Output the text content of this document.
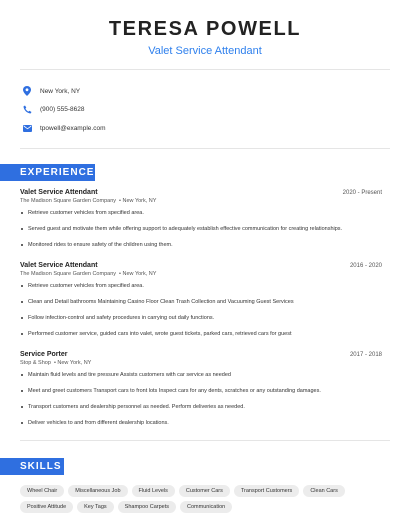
TERESA POWELL
Valet Service Attendant
New York, NY
(900) 555-8628
tpowell@example.com
EXPERIENCE
Valet Service Attendant	2020 - Present
The Madison Square Garden Company  • New York, NY
Retrieve customer vehicles from specified area.
Served guest and motivate them while offering support to adequately establish effective communication for creating relationships.
Monitored rides to ensure safety of the children using them.
Valet Service Attendant	2016 - 2020
The Madison Square Garden Company  • New York, NY
Retrieve customer vehicles from specified area.
Clean and Detail bathrooms Maintaining Casino Floor Clean Trash Collection and Vacuuming Guest Services
Follow infection-control and safety procedures in carrying out daily functions.
Performed customer service, guided cars into valet, wrote guest tickets, parked cars, retrieved cars for guest
Service Porter	2017 - 2018
Stop & Shop  • New York, NY
Maintain fluid levels and tire pressure Assists customers with car service as needed
Meet and greet customers Transport cars to front lots Inspect cars for any dents, scratches or any outstanding damages.
Transport customers and dealership personnel as needed. Perform deliveries as needed.
Deliver vehicles to and from different dealership locations.
SKILLS
Wheel Chair	Miscellaneous Job	Fluid Levels	Customer Cars	Transport Customers	Clean Cars
Positive Attitude	Key Tags	Shampoo Carpets	Communication
